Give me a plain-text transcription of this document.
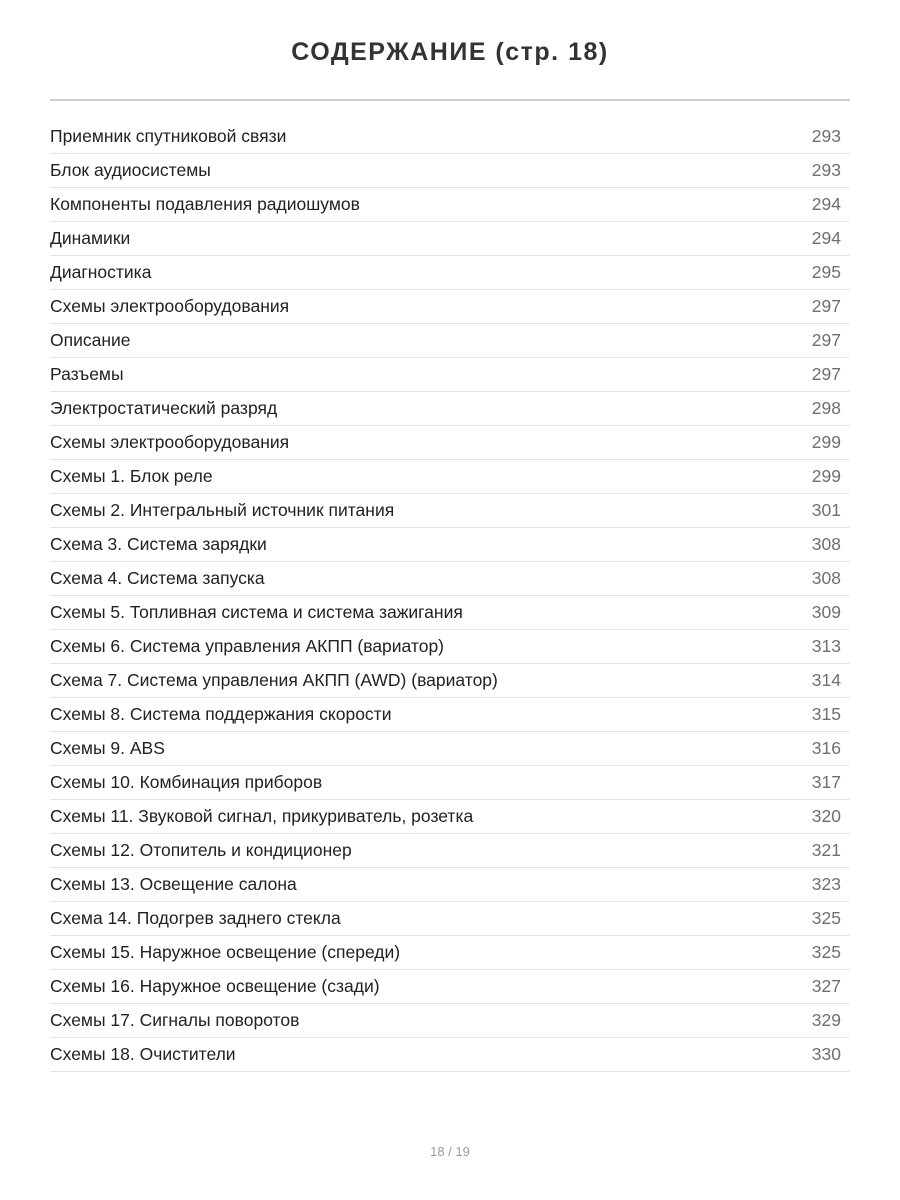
СОДЕРЖАНИЕ (стр. 18)
Приемник спутниковой связи	293
Блок аудиосистемы	293
Компоненты подавления радиошумов	294
Динамики	294
Диагностика	295
Схемы электрооборудования	297
Описание	297
Разъемы	297
Электростатический разряд	298
Схемы электрооборудования	299
Схемы 1. Блок реле	299
Схемы 2. Интегральный источник питания	301
Схема 3. Система зарядки	308
Схема 4. Система запуска	308
Схемы 5. Топливная система и система зажигания	309
Схемы 6. Система управления АКПП (вариатор)	313
Схема 7. Система управления АКПП (AWD) (вариатор)	314
Схемы 8. Система поддержания скорости	315
Схемы 9. ABS	316
Схемы 10. Комбинация приборов	317
Схемы 11. Звуковой сигнал, прикуриватель, розетка	320
Схемы 12. Отопитель и кондиционер	321
Схемы 13. Освещение салона	323
Схема 14. Подогрев заднего стекла	325
Схемы 15. Наружное освещение (спереди)	325
Схемы 16. Наружное освещение (сзади)	327
Схемы 17. Сигналы поворотов	329
Схемы 18. Очистители	330
18 / 19
